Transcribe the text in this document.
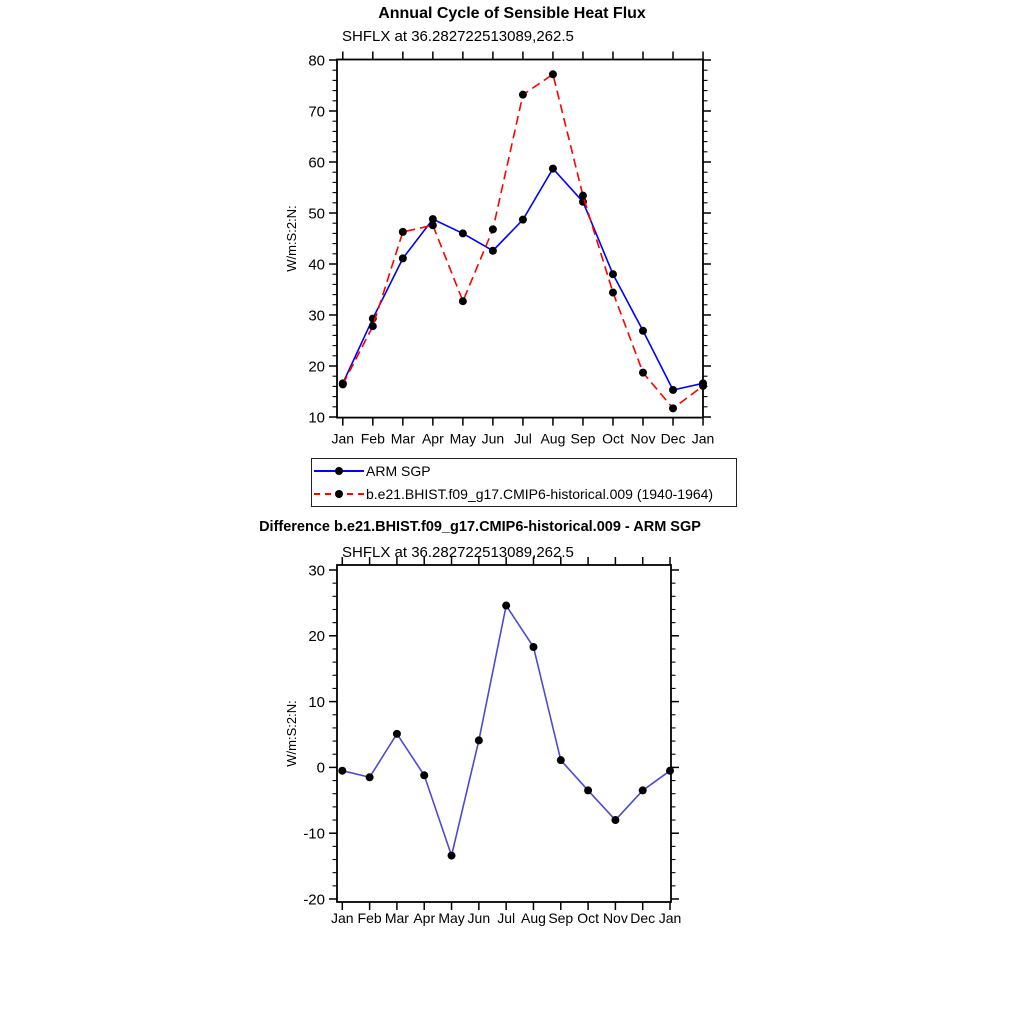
10
20
30
40
50
60
70
80
Jan Feb Mar Apr May Jun Jul Aug Sep Oct Nov Dec Jan
W/m:S:2:N:
-20
-10
0
10
20
30
Jan Feb Mar Apr May Jun Jul Aug Sep Oct Nov Dec Jan
W/m:S:2:N:
Annual Cycle of Sensible Heat Flux
SHFLX at 36.282722513089,262.5
ARM SGP
b.e21.BHIST.f09_g17.CMIP6-historical.009 (1940-1964)
Difference b.e21.BHIST.f09_g17.CMIP6-historical.009 - ARM SGP
SHFLX at 36.282722513089,262.5
